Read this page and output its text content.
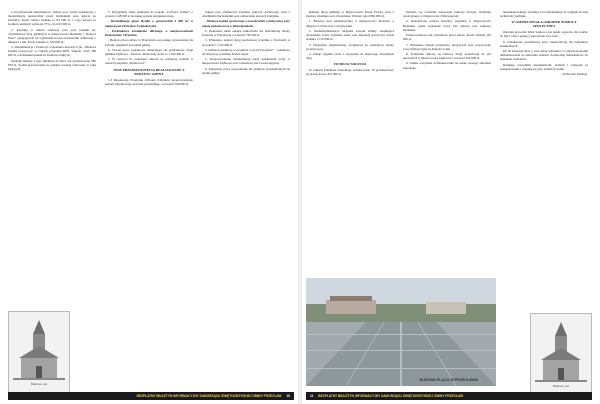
z towarzystwem mieszkańców. Zakres prac został zwiększony o modernizację nawierzchni przed budynkiem oraz dojścia do świetlicy. Koszt całości zadania to 84 000 zł, z tego dotacja ze środków unijnych wyniosła 75%, czyli 63 000 zł.

2. Jesteśmy w trakcie realizacji prac przy zadaniu pn. „Przebudowa dróg gminnych w miejscowości Budzisko i Stalowa Wola” polegających na wykonaniu nowej nawierzchni asfaltowej o długości 1 km. Koszt zadania to 500 000 zł.

3. Dokumentacja i Promocja wykonania inwestycji pn. „Budowa ścieżki rowerowej” w ramach programu RPO. Wartość robót 386 000 zł, z dofinansowaniem ze środków unijnych.

Ogółem nakłady z tego funduszu na 2021 rok przeznaczono 586 879 zł. Środki pozostawione na zadania zostaną rozliczone w roku bieżącym.

5. Przyjęliśmy także pieniądze na projekt „Cyfrowa Gmina” o wartości 148 000 zł na zakup sprzętu komputerowego.

- Rewitalizacja placu Rynku o powierzchni 4 000 m² w miejscowości Przecław Świętokrzyski.

- Przebudowa oświetlenia ulicznego w miejscowościach Dziewięcioły i Przecław.

- Budowa placu zabaw w Przecławiu oraz zakup wyposażenia dla świetlic wiejskich na terenie gminy.

6. Trwają prace projektowe zmierzające do przebudowy drogi gminnej Dąbrowa – Drawce. Planowany koszt to 1 200 000 zł.

7. W czerwcu br. podpisano umowę na realizację zadania w ramach programu „Polski Ład”.

INNE PRZEDSIĘWZIĘCIA REALIZOWANE Z BUDŻETU GMINY

1.Z Rządowego Programu Ochrony Zabytków przeprowadzono remont zabytkowego kościoła parafialnego o wartości 320 000 zł.

Zakres prac obejmował wymianę pokrycia dachowego wraz z obróbkami blacharskimi oraz odnowienie elewacji budynku.

- Budowa boiska sportowego o nawierzchni syntetycznej przy szkole podstawowej w Dziewięciołach.

2. Dokonano także zakupu samochodu dla Ochotniczej Straży Pożarnej w Przecławiu o wartości 760 000 zł.

3. Wykonano remont drogi powiatowej wspólnie z Powiatem w wysokości 1 100 000 zł.

4. Gmina uczestniczy w projekcie „Czyste Powietrze” – udzielono 42 dotacji na wymianę źródeł ciepła.

5. Przeprowadzono modernizację stacji uzdatniania wody w miejscowości Dąbrowa oraz rozbudowę sieci wodociągowej.

6. Zakupiono nowe wyposażenie dla punktów przedszkolnych na terenie gminy.

Remont drogi gminnej w miejscowości Potok Pracka wraz z budową chodnika oraz oświetlenia. Wartość robót 860 000 zł.

1. Budowa sieci kanalizacyjnej w miejscowości Przecław o długości 3,2 km wraz z przyłączami.

2. Termomodernizacja budynku Urzędu Gminy obejmująca docieplenie ścian, wymianę okien oraz instalacji grzewczej. Koszt zadania 1 150 000 zł.

3. Wykonano dokumentację projektową na rozbudowę szkoły podstawowej.

4. Zakup ciągnika wraz z osprzętem do zimowego utrzymania dróg.

FUNDUSZ SOŁECKI

W ramach Funduszu Sołeckiego zrealizowano 18 przedsięwzięć na łączną kwotę 412 000 zł.

Ponadto we wrześniu rozpoczęto budowę nowego zbiornika retencyjnego w miejscowości Dziewięcioły.

6. Dokończono remont świetlicy wiejskiej w miejscowości Budzisko, gdzie wykonano nową salę główną oraz zaplecze kuchenne.

Przeprowadzono też rozbudowę placu zabaw. Koszt zadania 250 000 zł.

7. Wykonano remont przepustów drogowych oraz oczyszczono rowy melioracyjne na długości 6 km.

8. Podpisano umowę na budowę drogi dojazdowej do pól uprawnych w miejscowości Dąbrowa o wartości 300 000 zł.

9. Gmina otrzymała dofinansowanie na zakup nowego autobusu szkolnego.

niezaplanowanego wydatku, lecz niezbędnego ze względu na stan techniczny budynku.

W GMINIE DZIAŁA OŚRODEK POMOCY SPOŁECZNEJ

Ośrodek prowadzi Klub Seniora oraz punkt wsparcia dla rodzin. W 2021 roku z pomocy skorzystało 214 osób.

8. Zakończono przebudowę sieci ciepłowniczej dla budynków komunalnych.

Do 30 listopada 2021 r. trwa nabór wniosków w ramach programu dofinansowania do usuwania azbestu. Zachęcamy mieszkańców do składania wniosków.

Dziękuję wszystkim mieszkańcom, radnym i sołtysom za zaangażowanie i współpracę przy realizacji zadań.

Serdecznie dziękuję.

BUDOWA PLACU W PRZECŁAWIU
Budowa wsi	Budowa wsi
BEZPŁATNY BIULETYN INFORMACYJNY SAMORZĄDU ŚWIĘTOKRZYSKIEJ GMINY PRZECŁAW 10	11 BEZPŁATNY BIULETYN INFORMACYJNY SAMORZĄDU ŚWIĘTOKRZYSKIEJ GMINY PRZECŁAW
